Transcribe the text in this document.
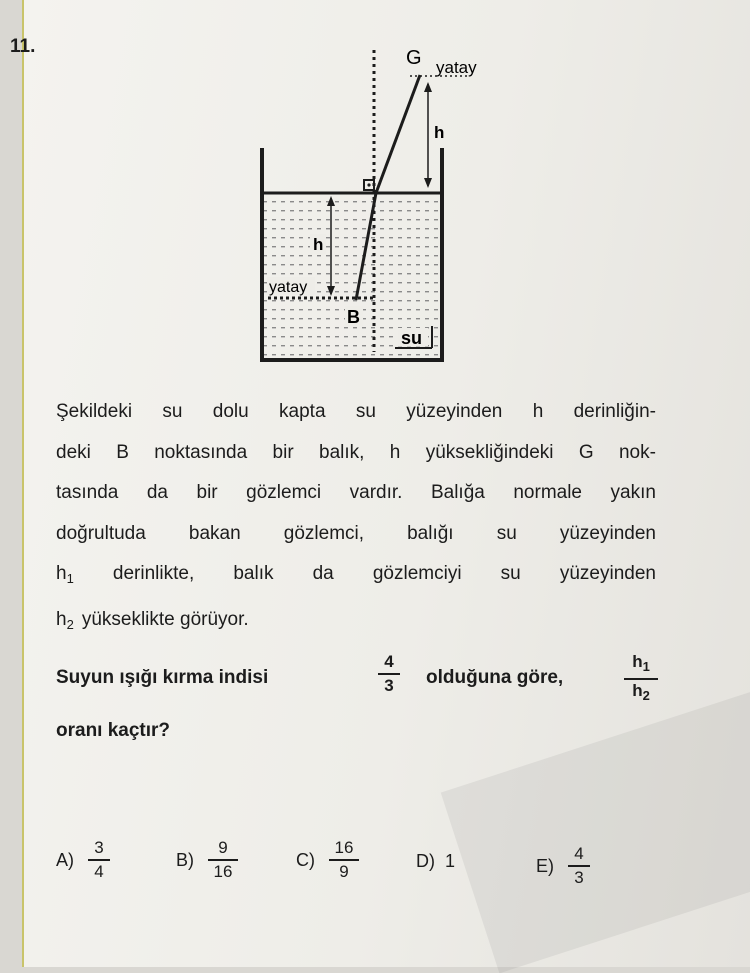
11.
G yatay
h
h
yatay
B
su
Şekildeki su dolu kapta su yüzeyinden h derinliğin-
deki B noktasında bir balık, h yüksekliğindeki G nok-
tasında da bir gözlemci vardır. Balığa normale yakın
doğrultuda bakan gözlemci, balığı su yüzeyinden
$h_1$ derinlikte, balık da gözlemciyi su yüzeyinden
$h_2$ yükseklikte görüyor.
Suyun ışığı kırma indisi
4
3 olduğuna göre,
$h_1$
$h_2$
oranı kaçtır?
$A) \frac{3}{4}$	$B) \frac{9}{16}$	$C) \frac{16}{9}$	D) 1	$E) \frac{4}{3}$
